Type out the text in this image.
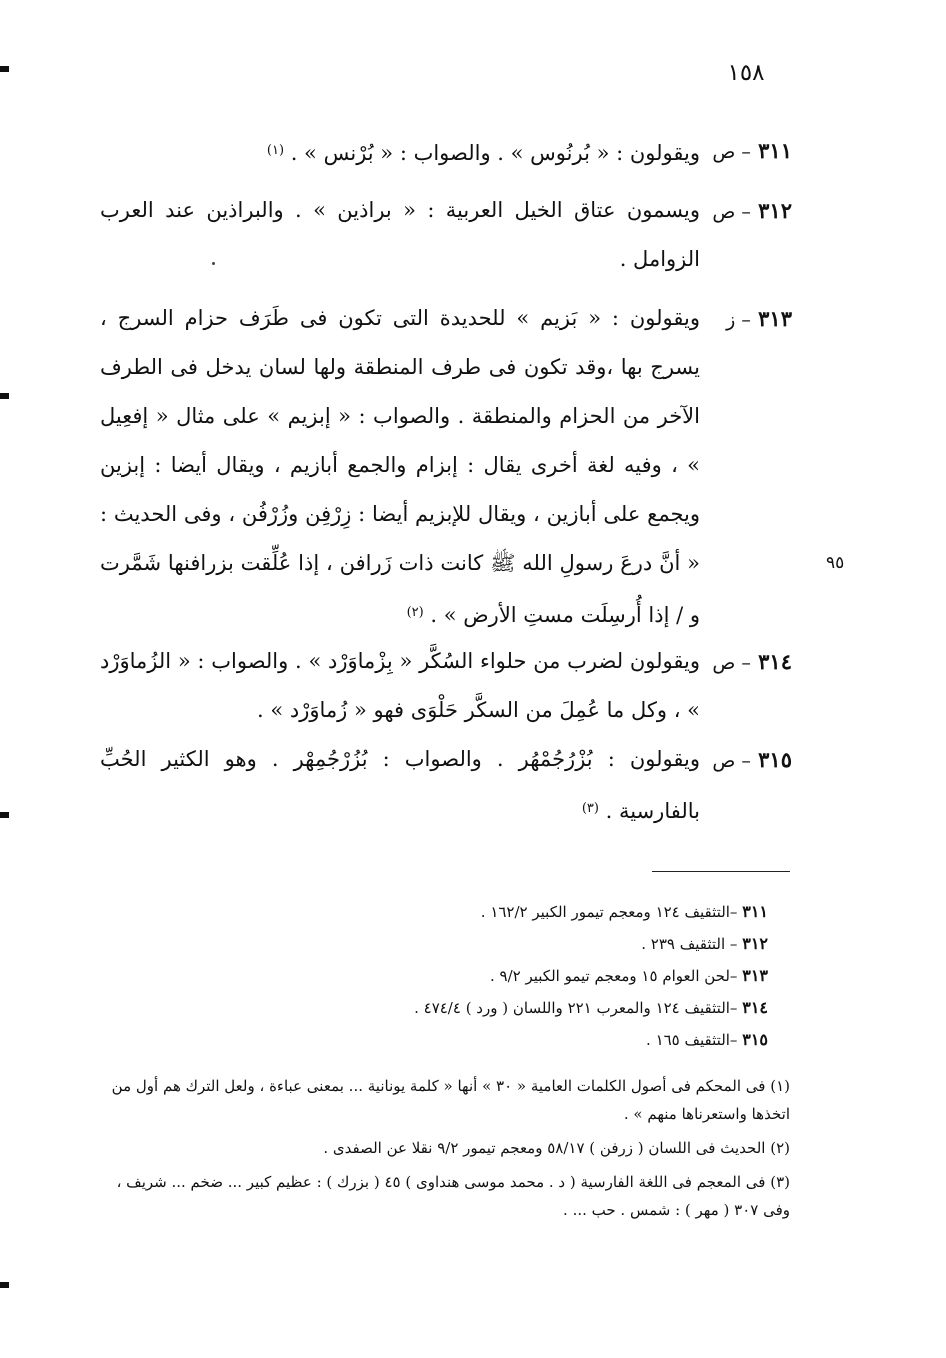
١٥٨
٩٥
٣١١ – ص

ويقولون : « بُرنُوس » . والصواب : « بُرْنس » . $^{(١)}$

٣١٢ – ص

ويسمون عتاق الخيل العربية : « براذين » . والبراذين عند العرب الزوامل .

٣١٣ – ز

ويقولون : « بَزيم » للحديدة التى تكون فى طَرَف حزام السرج ، يسرج بها ،وقد تكون فى طرف المنطقة ولها لسان يدخل فى الطرف الآخر من الحزام والمنطقة . والصواب : « إبزيم » على مثال « إفعِيل » ، وفيه لغة أخرى يقال : إبزام والجمع أبازيم ، ويقال أيضا : إبزين ويجمع على أبازين ، ويقال للإبزيم أيضا : زِرْفِن وزُرْفُن ، وفى الحديث : « أنَّ درعَ رسولِ الله ﷺ كانت ذات زَرافن ، إذا عُلِّقت بزرافنها شَمَّرت و / إذا أُرسِلَت مستِ الأرض » . $^{(٢)}$

٣١٤ – ص

ويقولون لضرب من حلواء السُكَّر « بِزْماوَرْد » . والصواب : « الزُماوَرْد » ، وكل ما عُمِلَ من السكَّر حَلْوَى فهو « زُماوَرْد » .

٣١٥ – ص

ويقولون : بُزْرُجُمْهُر . والصواب : بُزُرْجُمِهْر . وهو الكثير الحُبِّ بالفارسية . $^{(٣)}$

٣١١ –التثقيف ١٢٤ ومعجم تيمور الكبير ١٦٢/٢ .
٣١٢ – التثقيف ٢٣٩ .
٣١٣ –لحن العوام ١٥ ومعجم تيمو الكبير ٩/٢ .
٣١٤ –التثقيف ١٢٤ والمعرب ٢٢١ واللسان ( ورد ) ٤٧٤/٤ .
٣١٥ –التثقيف ١٦٥ .

(١) فى المحكم فى أصول الكلمات العامية « ٣٠ » أنها « كلمة يونانية ... بمعنى عباءة ، ولعل الترك هم أول من اتخذها واستعرناها منهم » .

(٢) الحديث فى اللسان ( زرفن ) ٥٨/١٧ ومعجم تيمور ٩/٢ نقلا عن الصفدى .

(٣) فى المعجم فى اللغة الفارسية ( د . محمد موسى هنداوى ) ٤٥ ( بزرك ) : عظيم كبير ... ضخم ... شريف ، وفى ٣٠٧ ( مهر ) : شمس . حب ... .
